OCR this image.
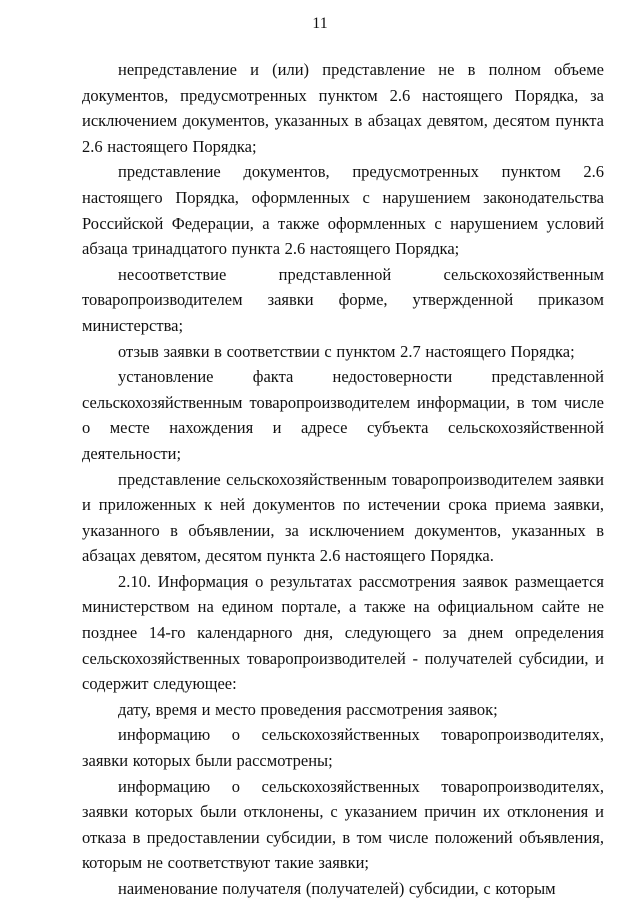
11

непредставление и (или) представление не в полном объеме документов, предусмотренных пунктом 2.6 настоящего Порядка, за исключением документов, указанных в абзацах девятом, десятом пункта 2.6 настоящего Порядка;

представление документов, предусмотренных пунктом 2.6 настоящего Порядка, оформленных с нарушением законодательства Российской Федерации, а также оформленных с нарушением условий абзаца тринадцатого пункта 2.6 настоящего Порядка;

несоответствие представленной сельскохозяйственным товаропроизводителем заявки форме, утвержденной приказом министерства;

отзыв заявки в соответствии с пунктом 2.7 настоящего Порядка;

установление факта недостоверности представленной сельскохозяйственным товаропроизводителем информации, в том числе о месте нахождения и адресе субъекта сельскохозяйственной деятельности;

представление сельскохозяйственным товаропроизводителем заявки и приложенных к ней документов по истечении срока приема заявки, указанного в объявлении, за исключением документов, указанных в абзацах девятом, десятом пункта 2.6 настоящего Порядка.

2.10. Информация о результатах рассмотрения заявок размещается министерством на едином портале, а также на официальном сайте не позднее 14-го календарного дня, следующего за днем определения сельскохозяйственных товаропроизводителей - получателей субсидии, и содержит следующее:

дату, время и место проведения рассмотрения заявок;

информацию о сельскохозяйственных товаропроизводителях, заявки которых были рассмотрены;

информацию о сельскохозяйственных товаропроизводителях, заявки которых были отклонены, с указанием причин их отклонения и отказа в предоставлении субсидии, в том числе положений объявления, которым не соответствуют такие заявки;

наименование получателя (получателей) субсидии, с которым
